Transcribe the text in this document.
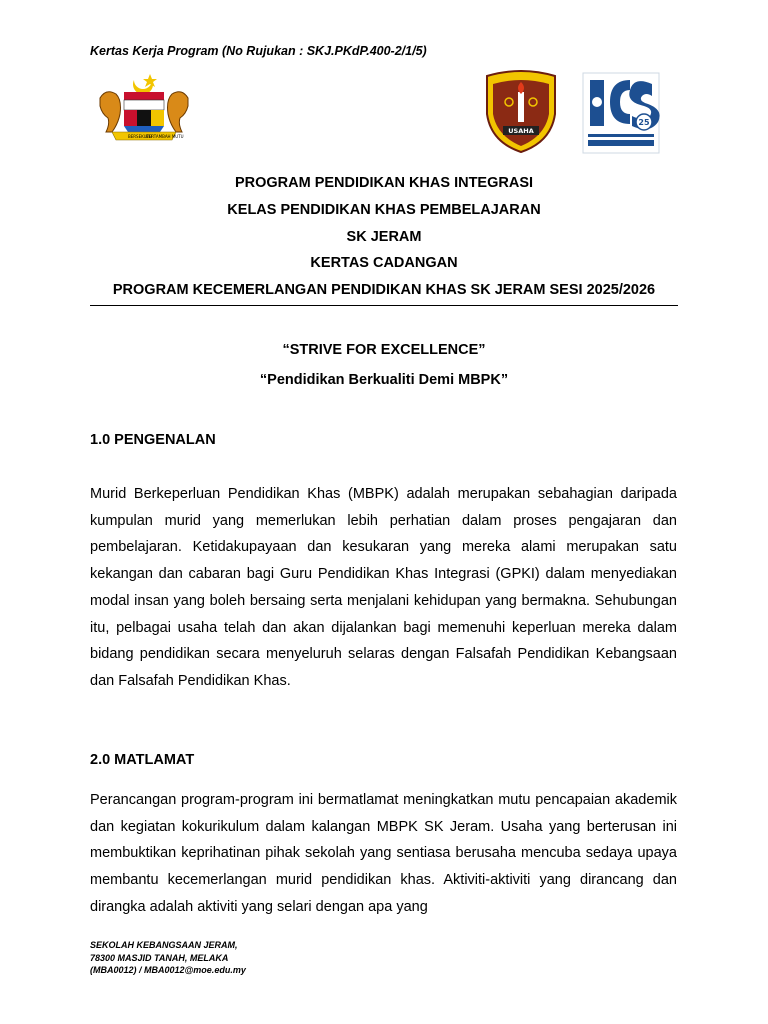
Kertas Kerja Program (No Rujukan : SKJ.PKdP.400-2/1/5)
BERSEKUTU
BERTAMBAH MUTU
USAHA
25
PROGRAM PENDIDIKAN KHAS INTEGRASI
KELAS PENDIDIKAN KHAS PEMBELAJARAN
SK JERAM
KERTAS CADANGAN
PROGRAM KECEMERLANGAN PENDIDIKAN KHAS SK JERAM SESI 2025/2026
“STRIVE FOR EXCELLENCE”
“Pendidikan Berkualiti Demi MBPK”
1.0 PENGENALAN

Murid Berkeperluan Pendidikan Khas (MBPK) adalah merupakan sebahagian daripada kumpulan murid yang memerlukan lebih perhatian dalam proses pengajaran dan pembelajaran. Ketidakupayaan dan kesukaran yang mereka alami merupakan satu kekangan dan cabaran bagi Guru Pendidikan Khas Integrasi (GPKI) dalam menyediakan modal insan yang boleh bersaing serta menjalani kehidupan yang bermakna. Sehubungan itu, pelbagai usaha telah dan akan dijalankan bagi memenuhi keperluan mereka dalam bidang pendidikan secara menyeluruh selaras dengan Falsafah Pendidikan Kebangsaan dan Falsafah Pendidikan Khas.

2.0 MATLAMAT

Perancangan program-program ini bermatlamat meningkatkan mutu pencapaian akademik dan kegiatan kokurikulum dalam kalangan MBPK SK Jeram. Usaha yang berterusan ini membuktikan keprihatinan pihak sekolah yang sentiasa berusaha mencuba sedaya upaya membantu kecemerlangan murid pendidikan khas. Aktiviti-aktiviti yang dirancang dan dirangka adalah aktiviti yang selari dengan apa yang

SEKOLAH KEBANGSAAN JERAM,
78300 MASJID TANAH, MELAKA
(MBA0012) / MBA0012@moe.edu.my
